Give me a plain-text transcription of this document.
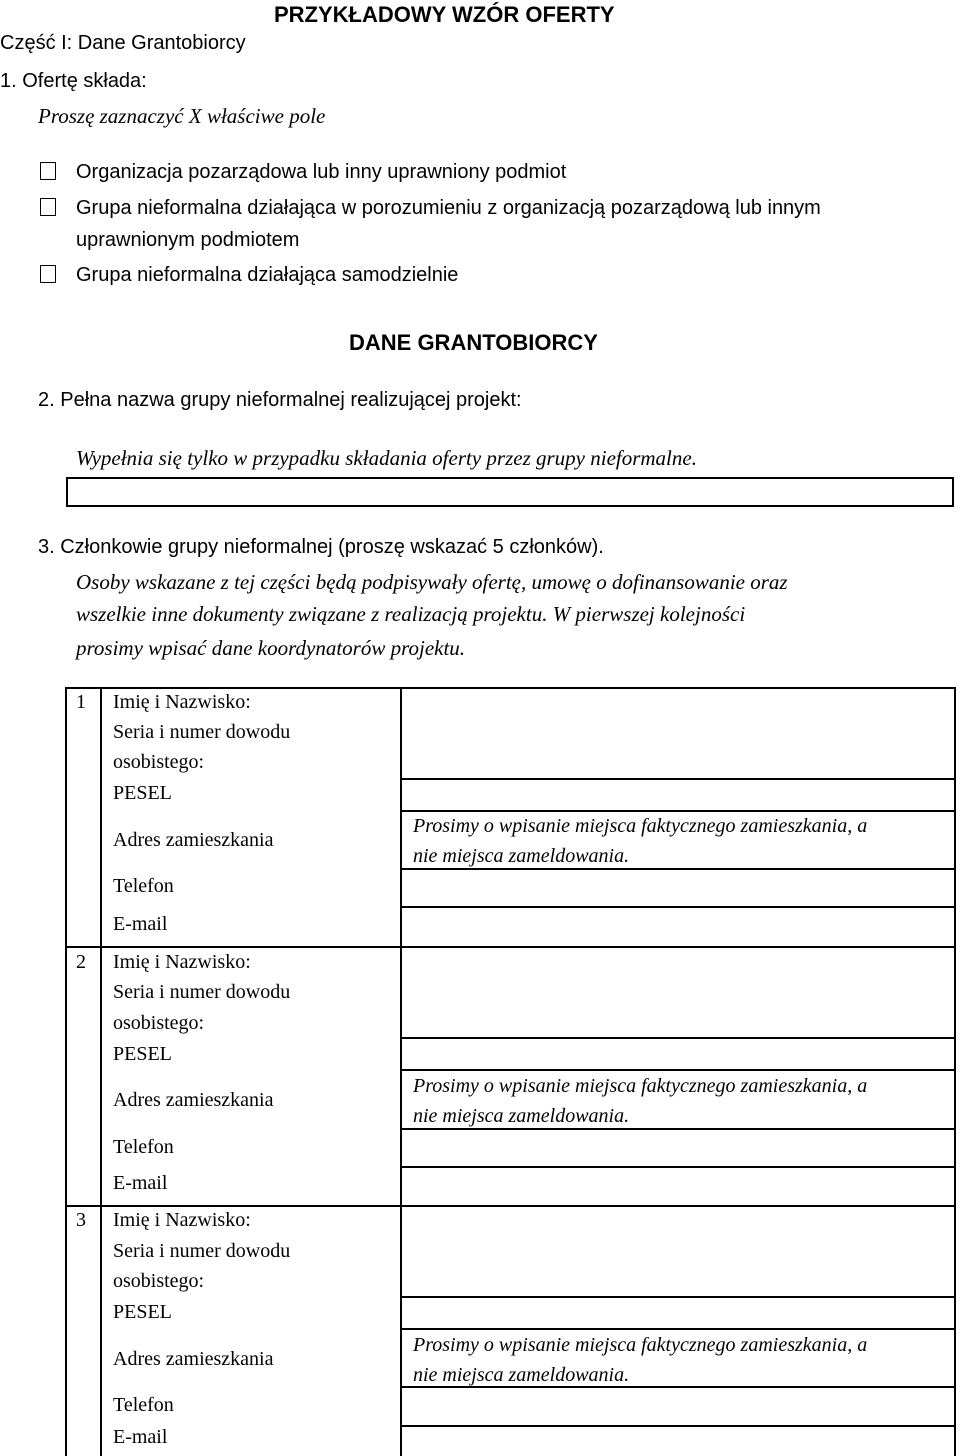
PRZYKŁADOWY WZÓR OFERTY
Część I: Dane Grantobiorcy
1. Ofertę składa:
Proszę zaznaczyć X właściwe pole
Organizacja pozarządowa lub inny uprawniony podmiot
Grupa nieformalna działająca w porozumieniu z organizacją pozarządową lub innym
uprawnionym podmiotem
Grupa nieformalna działająca samodzielnie
DANE GRANTOBIORCY
2. Pełna nazwa grupy nieformalnej realizującej projekt:
Wypełnia się tylko w przypadku składania oferty przez grupy nieformalne.
3. Członkowie grupy nieformalnej (proszę wskazać 5 członków).
Osoby wskazane z tej części będą podpisywały ofertę, umowę o dofinansowanie oraz
wszelkie inne dokumenty związane z realizacją projektu. W pierwszej kolejności
prosimy wpisać dane koordynatorów projektu.
1 Imię i Nazwisko:
Seria i numer dowodu
osobistego:
PESEL
Adres zamieszkania
Telefon
E-mail
Prosimy o wpisanie miejsca faktycznego zamieszkania, a
nie miejsca zameldowania.
2 Imię i Nazwisko:
Seria i numer dowodu
osobistego:
PESEL
Adres zamieszkania
Telefon
E-mail
Prosimy o wpisanie miejsca faktycznego zamieszkania, a
nie miejsca zameldowania.
3 Imię i Nazwisko:
Seria i numer dowodu
osobistego:
PESEL
Adres zamieszkania
Telefon
E-mail
Prosimy o wpisanie miejsca faktycznego zamieszkania, a
nie miejsca zameldowania.
